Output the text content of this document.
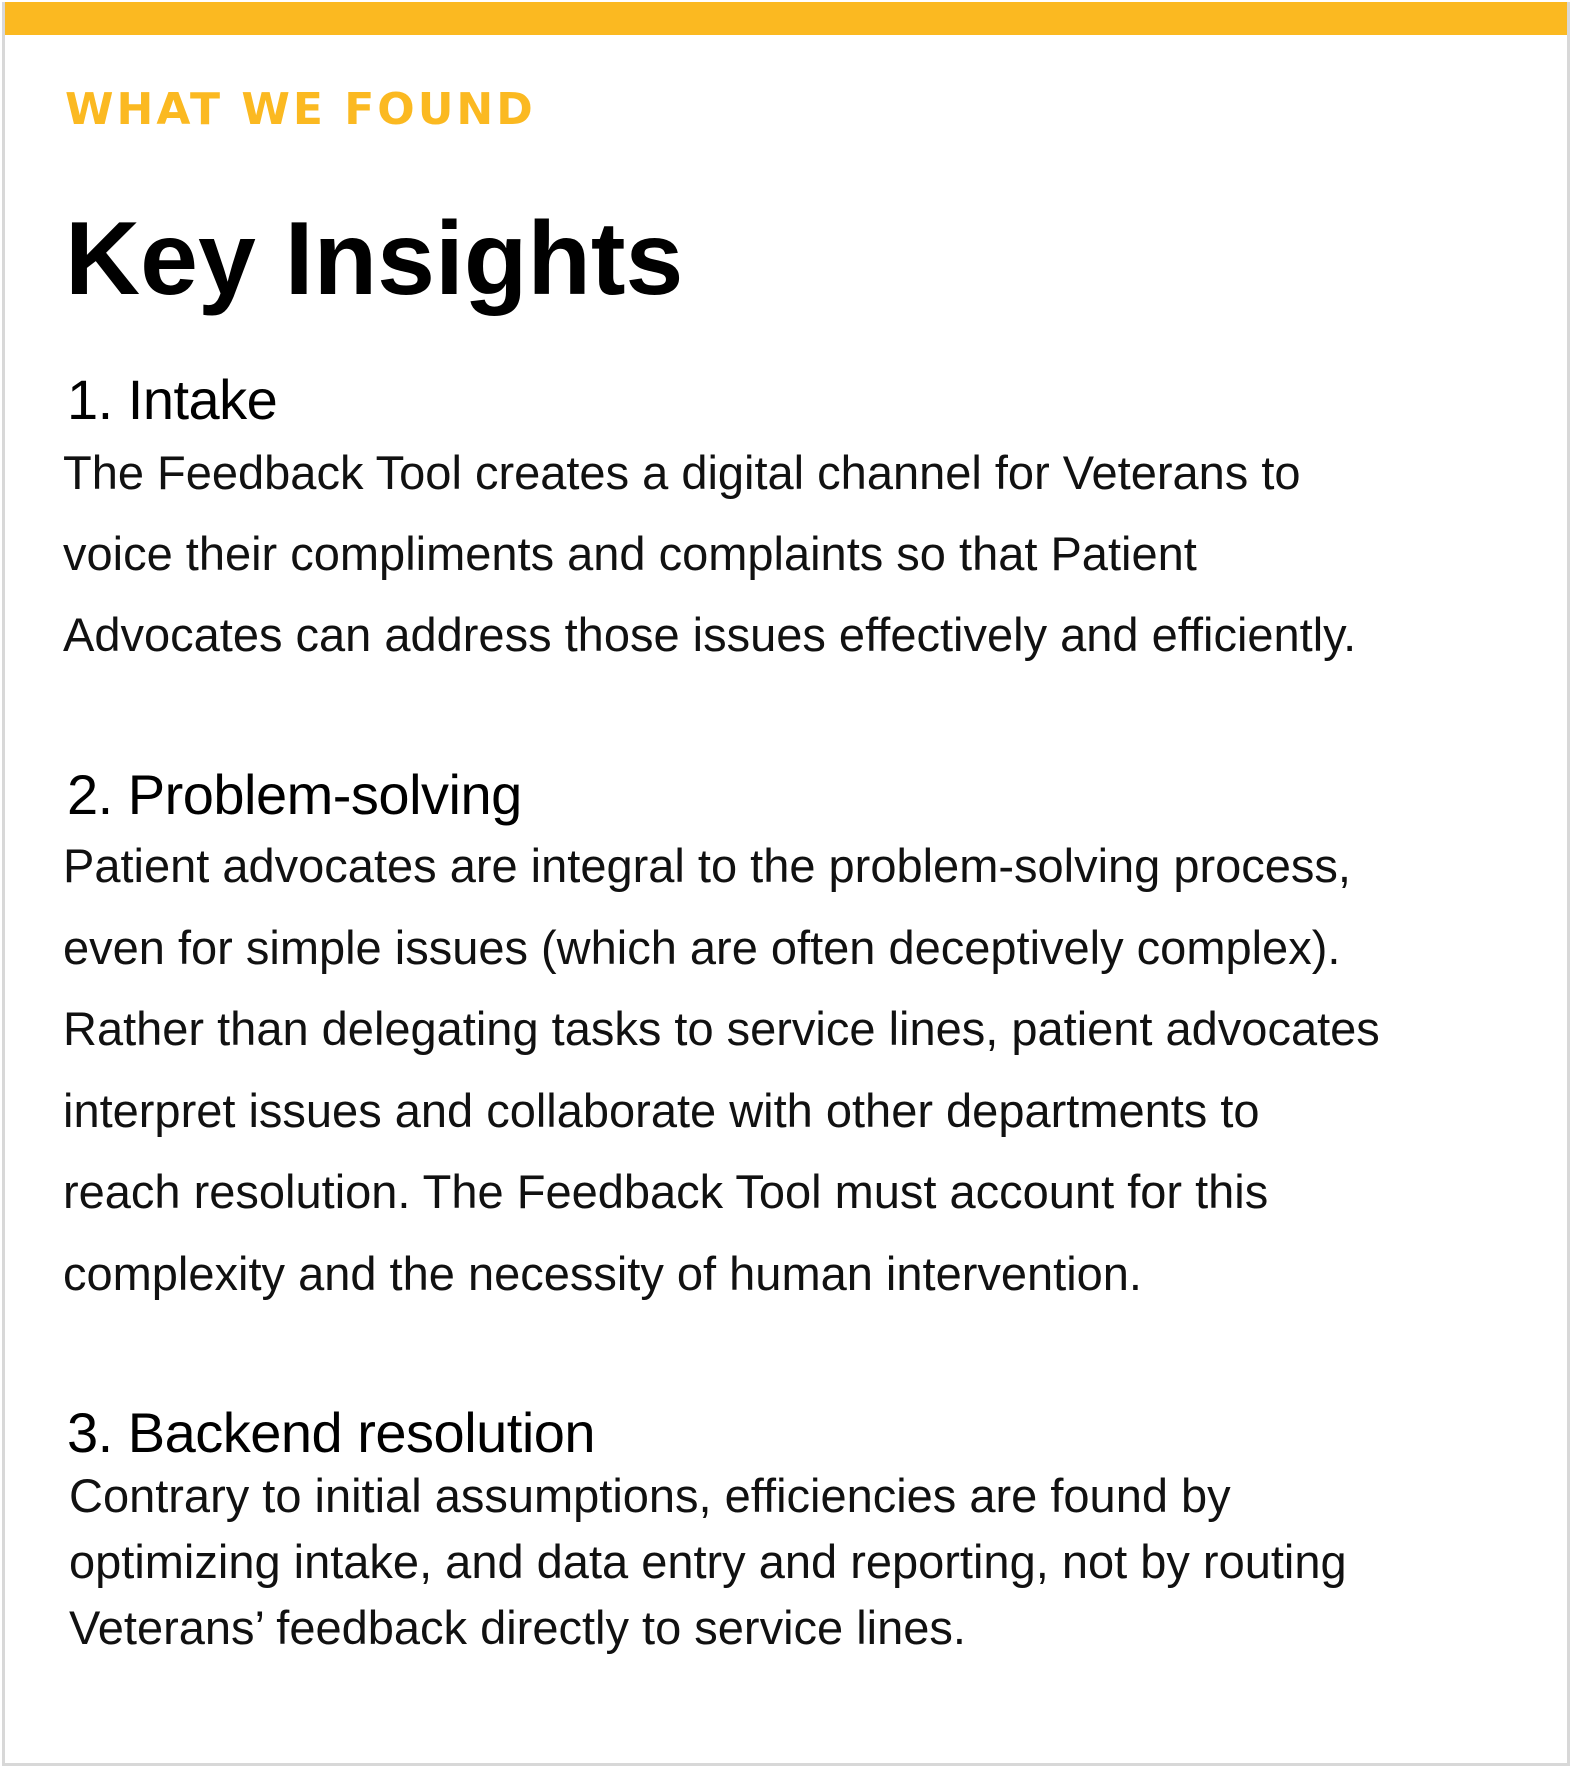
WHAT WE FOUND
Key Insights
1. Intake

The Feedback Tool creates a digital channel for Veterans to
voice their compliments and complaints so that Patient
Advocates can address those issues effectively and efficiently.

2. Problem-solving

Patient advocates are integral to the problem-solving process,
even for simple issues (which are often deceptively complex).
Rather than delegating tasks to service lines, patient advocates
interpret issues and collaborate with other departments to
reach resolution. The Feedback Tool must account for this
complexity and the necessity of human intervention.

3. Backend resolution

Contrary to initial assumptions, efficiencies are found by
optimizing intake, and data entry and reporting, not by routing
Veterans’ feedback directly to service lines.
